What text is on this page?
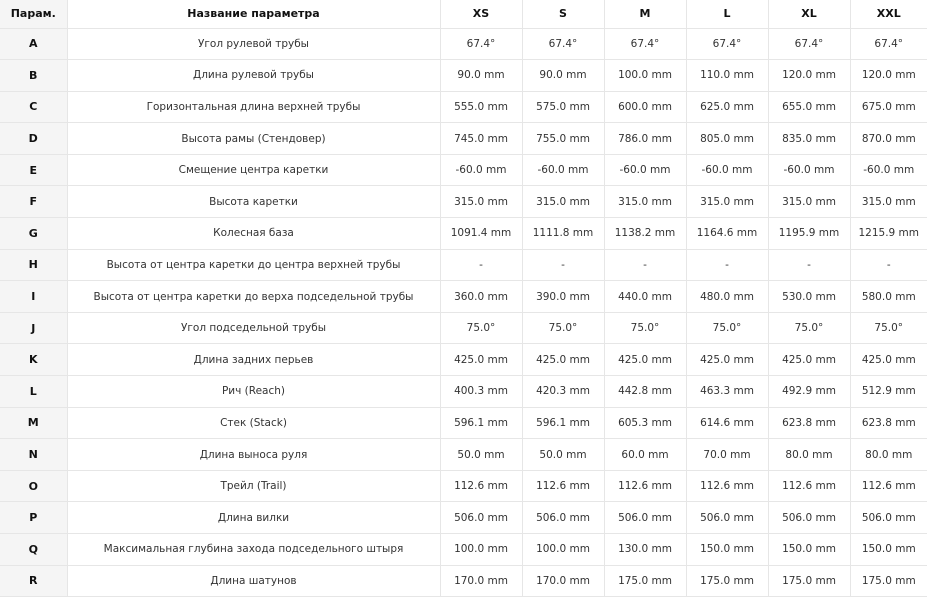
Парам.	Название параметра	XS	S	M	L	XL	XXL
A	Угол рулевой трубы	67.4°	67.4°	67.4°	67.4°	67.4°	67.4°
B	Длина рулевой трубы	90.0 mm	90.0 mm	100.0 mm	110.0 mm	120.0 mm	120.0 mm
C	Горизонтальная длина верхней трубы	555.0 mm	575.0 mm	600.0 mm	625.0 mm	655.0 mm	675.0 mm
D	Высота рамы (Стендовер)	745.0 mm	755.0 mm	786.0 mm	805.0 mm	835.0 mm	870.0 mm
E	Смещение центра каретки	-60.0 mm	-60.0 mm	-60.0 mm	-60.0 mm	-60.0 mm	-60.0 mm
F	Высота каретки	315.0 mm	315.0 mm	315.0 mm	315.0 mm	315.0 mm	315.0 mm
G	Колесная база	1091.4 mm	1111.8 mm	1138.2 mm	1164.6 mm	1195.9 mm	1215.9 mm
H	Высота от центра каретки до центра верхней трубы	-	-	-	-	-	-
I	Высота от центра каретки до верха подседельной трубы	360.0 mm	390.0 mm	440.0 mm	480.0 mm	530.0 mm	580.0 mm
J	Угол подседельной трубы	75.0°	75.0°	75.0°	75.0°	75.0°	75.0°
K	Длина задних перьев	425.0 mm	425.0 mm	425.0 mm	425.0 mm	425.0 mm	425.0 mm
L	Рич (Reach)	400.3 mm	420.3 mm	442.8 mm	463.3 mm	492.9 mm	512.9 mm
M	Стек (Stack)	596.1 mm	596.1 mm	605.3 mm	614.6 mm	623.8 mm	623.8 mm
N	Длина выноса руля	50.0 mm	50.0 mm	60.0 mm	70.0 mm	80.0 mm	80.0 mm
O	Трейл (Trail)	112.6 mm	112.6 mm	112.6 mm	112.6 mm	112.6 mm	112.6 mm
P	Длина вилки	506.0 mm	506.0 mm	506.0 mm	506.0 mm	506.0 mm	506.0 mm
Q	Максимальная глубина захода подседельного штыря	100.0 mm	100.0 mm	130.0 mm	150.0 mm	150.0 mm	150.0 mm
R	Длина шатунов	170.0 mm	170.0 mm	175.0 mm	175.0 mm	175.0 mm	175.0 mm
